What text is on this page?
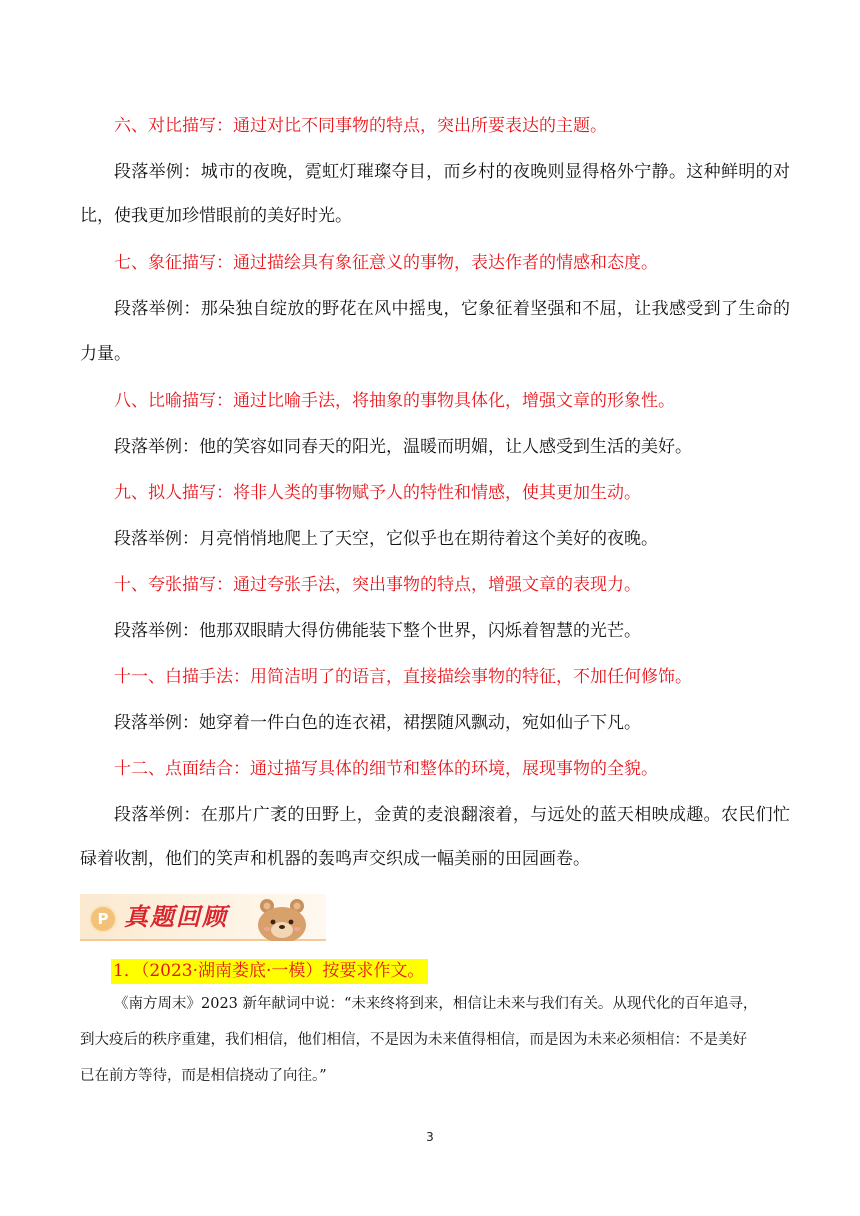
六、对比描写：通过对比不同事物的特点，突出所要表达的主题。
段落举例：城市的夜晚，霓虹灯璀璨夺目，而乡村的夜晚则显得格外宁静。这种鲜明的对
比，使我更加珍惜眼前的美好时光。
七、象征描写：通过描绘具有象征意义的事物，表达作者的情感和态度。
段落举例：那朵独自绽放的野花在风中摇曳，它象征着坚强和不屈，让我感受到了生命的
力量。
八、比喻描写：通过比喻手法，将抽象的事物具体化，增强文章的形象性。
段落举例：他的笑容如同春天的阳光，温暖而明媚，让人感受到生活的美好。
九、拟人描写：将非人类的事物赋予人的特性和情感，使其更加生动。
段落举例：月亮悄悄地爬上了天空，它似乎也在期待着这个美好的夜晚。
十、夸张描写：通过夸张手法，突出事物的特点，增强文章的表现力。
段落举例：他那双眼睛大得仿佛能装下整个世界，闪烁着智慧的光芒。
十一、白描手法：用简洁明了的语言，直接描绘事物的特征，不加任何修饰。
段落举例：她穿着一件白色的连衣裙，裙摆随风飘动，宛如仙子下凡。
十二、点面结合：通过描写具体的细节和整体的环境，展现事物的全貌。
段落举例：在那片广袤的田野上，金黄的麦浪翻滚着，与远处的蓝天相映成趣。农民们忙
碌着收割，他们的笑声和机器的轰鸣声交织成一幅美丽的田园画卷。
P 真题回顾
1．（2023·湖南娄底·一模）按要求作文。
《南方周末》2023 新年献词中说：“未来终将到来，相信让未来与我们有关。从现代化的百年追寻，
到大疫后的秩序重建，我们相信，他们相信，不是因为未来值得相信，而是因为未来必须相信：不是美好
已在前方等待，而是相信挠动了向往。”
3
